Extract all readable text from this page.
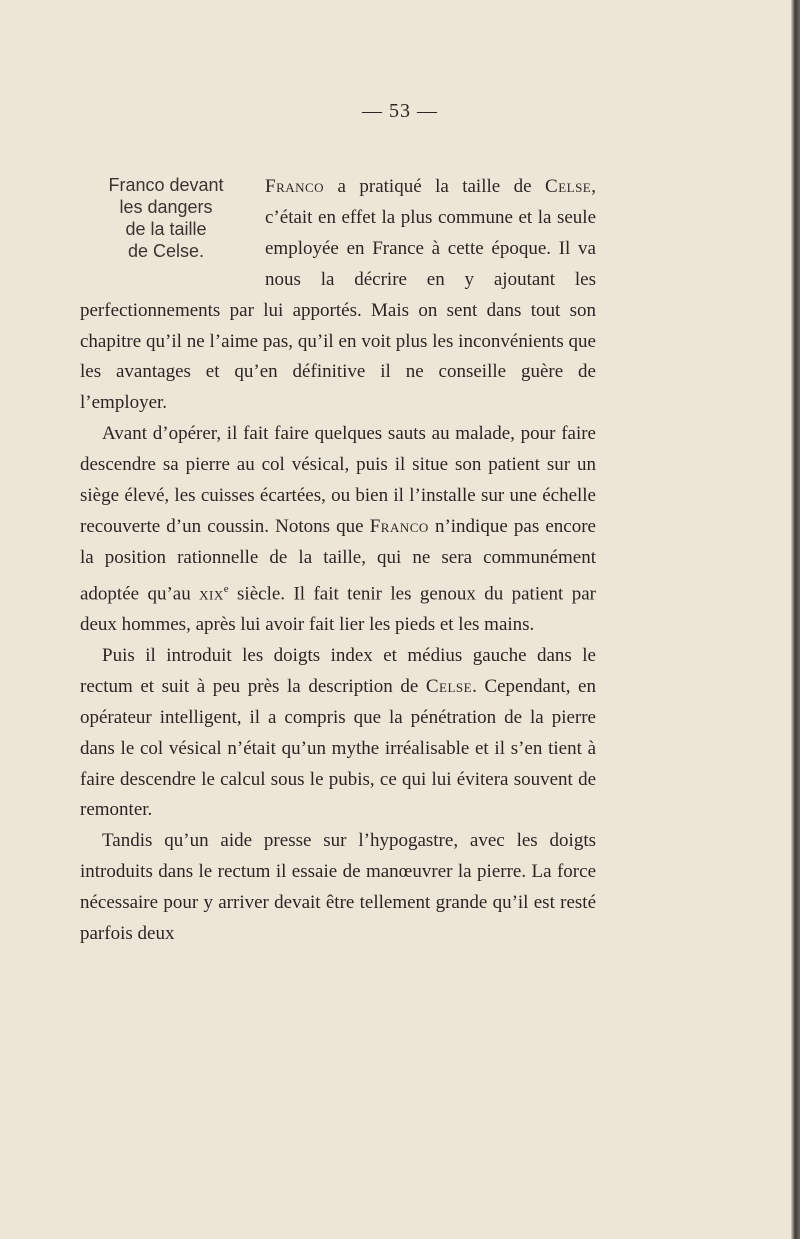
— 53 —
Franco devant
les dangers
de la taille
de Celse.

Franco a pratiqué la taille de Celse, c’était en effet la plus commune et la seule employée en France à cette époque. Il va nous la décrire en y ajoutant les perfectionnements par lui apportés. Mais on sent dans tout son chapitre qu’il ne l’aime pas, qu’il en voit plus les inconvénients que les avantages et qu’en définitive il ne conseille guère de l’employer.

Avant d’opérer, il fait faire quelques sauts au malade, pour faire descendre sa pierre au col vésical, puis il situe son patient sur un siège élevé, les cuisses écartées, ou bien il l’installe sur une échelle recouverte d’un coussin. Notons que Franco n’indique pas encore la position rationnelle de la taille, qui ne sera communément adoptée qu’au xix$^e$ siècle. Il fait tenir les genoux du patient par deux hommes, après lui avoir fait lier les pieds et les mains.

Puis il introduit les doigts index et médius gauche dans le rectum et suit à peu près la description de Celse. Cependant, en opérateur intelligent, il a compris que la pénétration de la pierre dans le col vésical n’était qu’un mythe irréalisable et il s’en tient à faire descendre le calcul sous le pubis, ce qui lui évitera souvent de remonter.

Tandis qu’un aide presse sur l’hypogastre, avec les doigts introduits dans le rectum il essaie de manœuvrer la pierre. La force nécessaire pour y arriver devait être tellement grande qu’il est resté parfois deux
